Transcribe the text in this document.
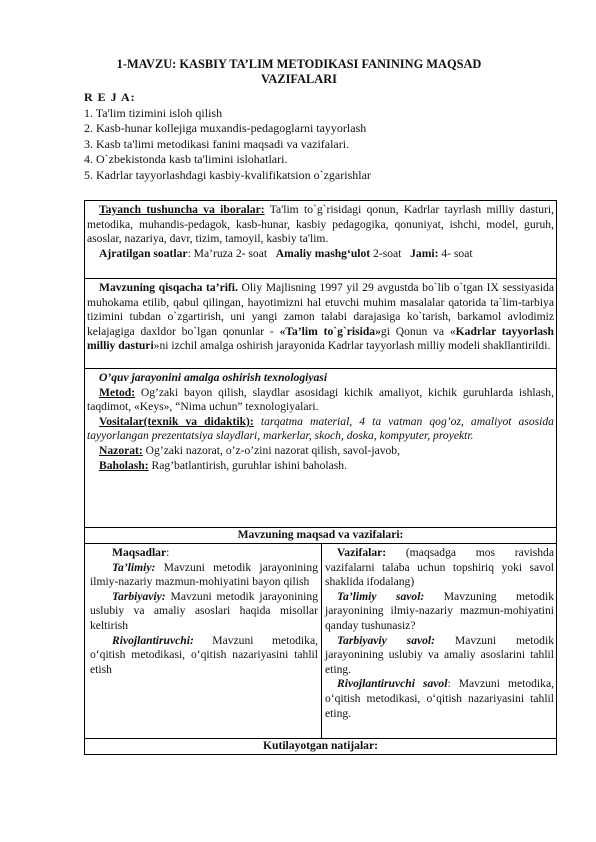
1-MAVZU: KASBIY TA’LIM METODIKASI FANINING MAQSAD VAZIFALARI
R E J A:
1. Ta'lim tizimini isloh qilish
2. Kasb-hunar kollejiga muxandis-pedagoglarni tayyorlash
3. Kasb ta'limi metodikasi fanini maqsadi va vazifalari.
4. O`zbekistonda kasb ta'limini islohatlari.
5. Kadrlar tayyorlashdagi kasbiy-kvalifikatsion o`zgarishlar

Tayanch tushuncha va iboralar: Ta'lim to`g`risidagi qonun, Kadrlar tayrlash milliy dasturi, metodika, muhandis-pedagok, kasb-hunar, kasbiy pedagogika, qonuniyat, ishchi, model, guruh, asoslar, nazariya, davr, tizim, tamoyil, kasbiy ta'lim.

Ajratilgan soatlar: Ma’ruza 2- soat Amaliy mashg‘ulot 2-soat Jami: 4- soat

Mavzuning qisqacha ta’rifi. Oliy Majlisning 1997 yil 29 avgustda bo`lib o`tgan IX sessiyasida muhokama etilib, qabul qilingan, hayotimizni hal etuvchi muhim masalalar qatorida ta`lim-tarbiya tizimini tubdan o`zgartirish, uni yangi zamon talabi darajasiga ko`tarish, barkamol avlodimiz kelajagiga daxldor bo`lgan qonunlar - «Ta’lim to`g`risida»gi Qonun va «Kadrlar tayyorlash milliy dasturi»ni izchil amalga oshirish jarayonida Kadrlar tayyorlash milliy modeli shakllantirildi.

O’quv jarayonini amalga oshirish texnologiyasi

Metod: Og’zaki bayon qilish, slaydlar asosidagi kichik amaliyot, kichik guruhlarda ishlash, taqdimot, «Keys», “Nima uchun” texnologiyalari.

Vositalar(texnik va didaktik): tarqatma material, 4 ta vatman qog’oz, amaliyot asosida tayyorlangan prezentatsiya slaydlari, markerlar, skoch, doska, kompyuter, proyektr.

Nazorat: Og’zaki nazorat, o’z-o’zini nazorat qilish, savol-javob,

Baholash: Rag’batlantirish, guruhlar ishini baholash.

Mavzuning maqsad va vazifalari:

Maqsadlar:

Ta’limiy: Mavzuni metodik jarayonining ilmiy-nazariy mazmun-mohiyatini bayon qilish

Tarbiyaviy: Mavzuni metodik jarayonining uslubiy va amaliy asoslari haqida misollar keltirish

Rivojlantiruvchi: Mavzuni metodika, o‘qitish metodikasi, o‘qitish nazariyasini tahlil etish

Vazifalar: (maqsadga mos ravishda vazifalarni talaba uchun topshiriq yoki savol shaklida ifodalang)

Ta’limiy savol: Mavzuning metodik jarayonining ilmiy-nazariy mazmun-mohiyatini qanday tushunasiz?

Tarbiyaviy savol: Mavzuni metodik jarayonining uslubiy va amaliy asoslarini tahlil eting.

Rivojlantiruvchi savol: Mavzuni metodika, o‘qitish metodikasi, o‘qitish nazariyasini tahlil eting.

Kutilayotgan natijalar:
